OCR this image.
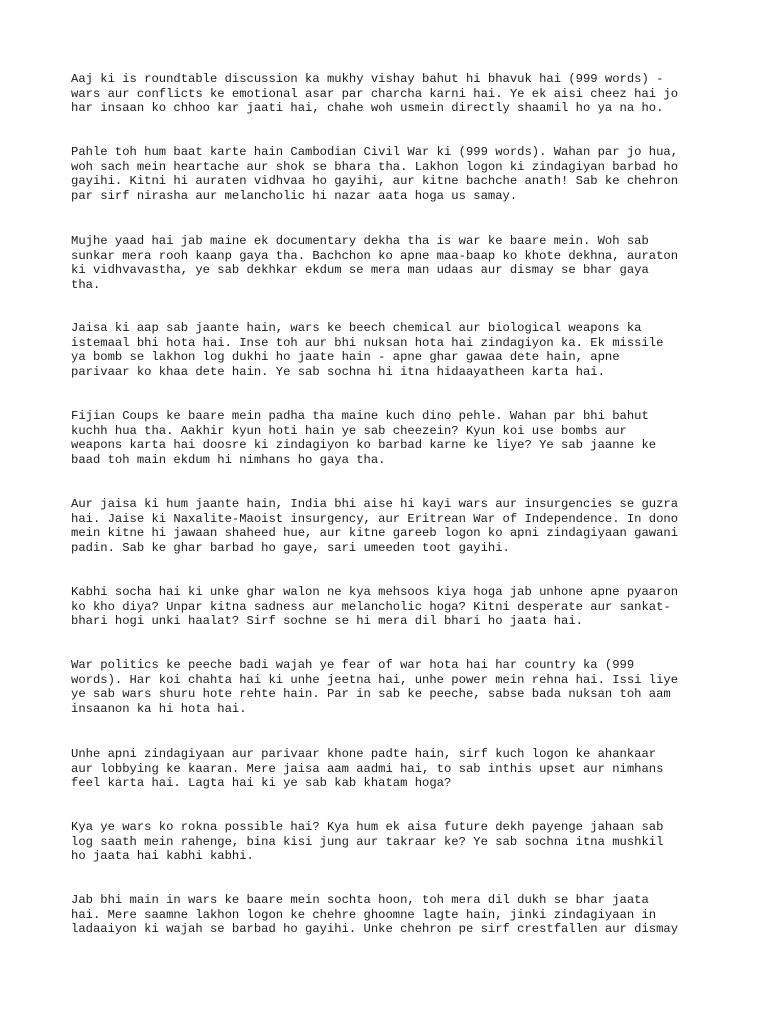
Aaj ki is roundtable discussion ka mukhy vishay bahut hi bhavuk hai (999 words) -
wars aur conflicts ke emotional asar par charcha karni hai. Ye ek aisi cheez hai jo
har insaan ko chhoo kar jaati hai, chahe woh usmein directly shaamil ho ya na ho.

Pahle toh hum baat karte hain Cambodian Civil War ki (999 words). Wahan par jo hua,
woh sach mein heartache aur shok se bhara tha. Lakhon logon ki zindagiyan barbad ho
gayihi. Kitni hi auraten vidhvaa ho gayihi, aur kitne bachche anath! Sab ke chehron
par sirf nirasha aur melancholic hi nazar aata hoga us samay.

Mujhe yaad hai jab maine ek documentary dekha tha is war ke baare mein. Woh sab
sunkar mera rooh kaanp gaya tha. Bachchon ko apne maa-baap ko khote dekhna, auraton
ki vidhvavastha, ye sab dekhkar ekdum se mera man udaas aur dismay se bhar gaya
tha.

Jaisa ki aap sab jaante hain, wars ke beech chemical aur biological weapons ka
istemaal bhi hota hai. Inse toh aur bhi nuksan hota hai zindagiyon ka. Ek missile
ya bomb se lakhon log dukhi ho jaate hain - apne ghar gawaa dete hain, apne
parivaar ko khaa dete hain. Ye sab sochna hi itna hidaayatheen karta hai.

Fijian Coups ke baare mein padha tha maine kuch dino pehle. Wahan par bhi bahut
kuchh hua tha. Aakhir kyun hoti hain ye sab cheezein? Kyun koi use bombs aur
weapons karta hai doosre ki zindagiyon ko barbad karne ke liye? Ye sab jaanne ke
baad toh main ekdum hi nimhans ho gaya tha.

Aur jaisa ki hum jaante hain, India bhi aise hi kayi wars aur insurgencies se guzra
hai. Jaise ki Naxalite-Maoist insurgency, aur Eritrean War of Independence. In dono
mein kitne hi jawaan shaheed hue, aur kitne gareeb logon ko apni zindagiyaan gawani
padin. Sab ke ghar barbad ho gaye, sari umeeden toot gayihi.

Kabhi socha hai ki unke ghar walon ne kya mehsoos kiya hoga jab unhone apne pyaaron
ko kho diya? Unpar kitna sadness aur melancholic hoga? Kitni desperate aur sankat-
bhari hogi unki haalat? Sirf sochne se hi mera dil bhari ho jaata hai.

War politics ke peeche badi wajah ye fear of war hota hai har country ka (999
words). Har koi chahta hai ki unhe jeetna hai, unhe power mein rehna hai. Issi liye
ye sab wars shuru hote rehte hain. Par in sab ke peeche, sabse bada nuksan toh aam
insaanon ka hi hota hai.

Unhe apni zindagiyaan aur parivaar khone padte hain, sirf kuch logon ke ahankaar
aur lobbying ke kaaran. Mere jaisa aam aadmi hai, to sab inthis upset aur nimhans
feel karta hai. Lagta hai ki ye sab kab khatam hoga?

Kya ye wars ko rokna possible hai? Kya hum ek aisa future dekh payenge jahaan sab
log saath mein rahenge, bina kisi jung aur takraar ke? Ye sab sochna itna mushkil
ho jaata hai kabhi kabhi.

Jab bhi main in wars ke baare mein sochta hoon, toh mera dil dukh se bhar jaata
hai. Mere saamne lakhon logon ke chehre ghoomne lagte hain, jinki zindagiyaan in
ladaaiyon ki wajah se barbad ho gayihi. Unke chehron pe sirf crestfallen aur dismay
